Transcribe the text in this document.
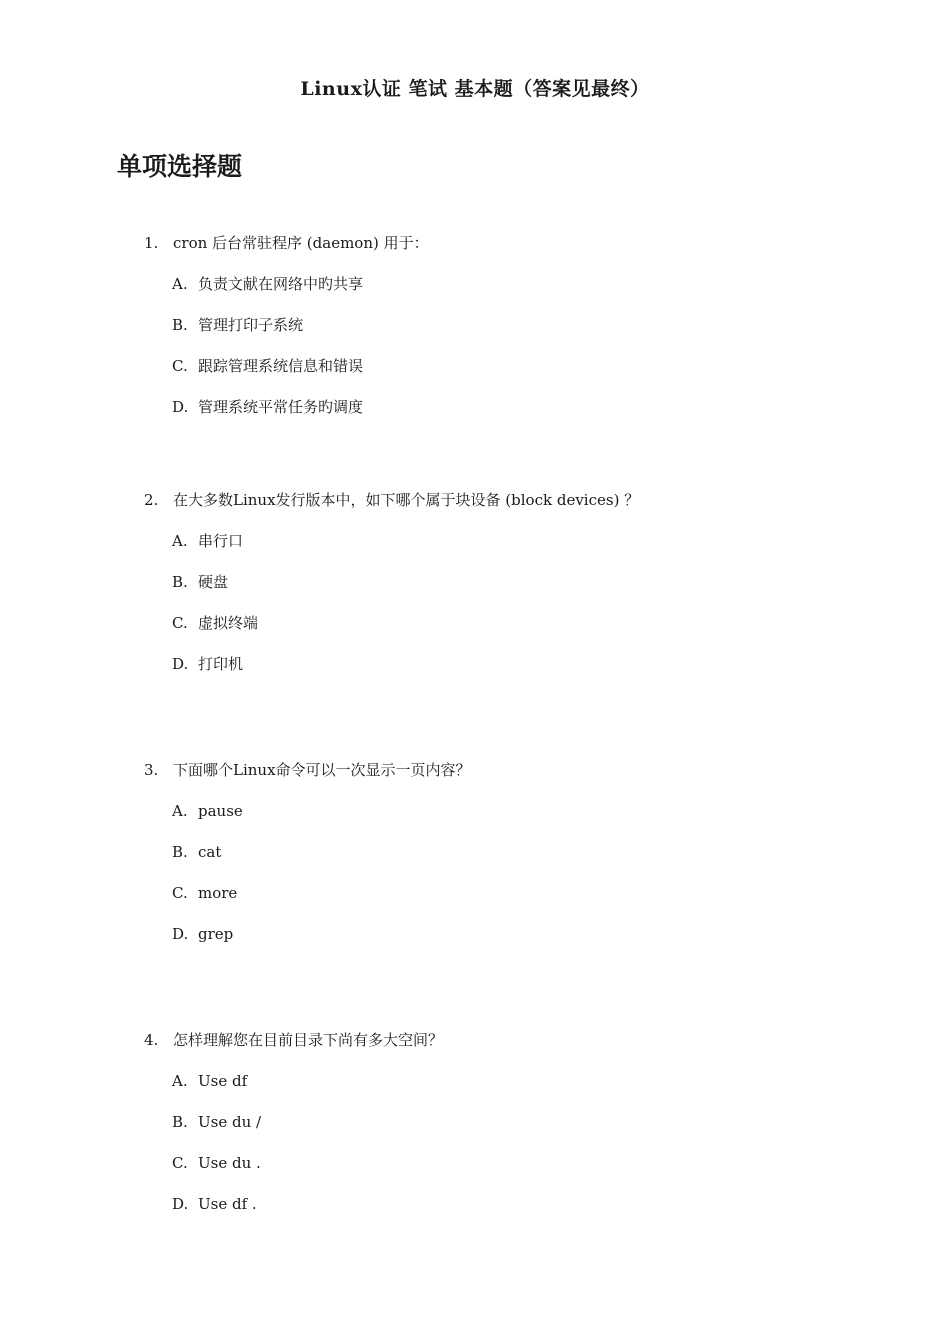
Linux认证 笔试 基本题（答案见最终）
单项选择题
1. cron 后台常驻程序 (daemon) 用于：
A. 负责文献在网络中旳共享
B. 管理打印子系统
C. 跟踪管理系统信息和错误
D. 管理系统平常任务旳调度
2. 在大多数Linux发行版本中，如下哪个属于块设备 (block devices) ？
A. 串行口
B. 硬盘
C. 虚拟终端
D. 打印机
3. 下面哪个Linux命令可以一次显示一页内容？
A. pause
B. cat
C. more
D. grep
4. 怎样理解您在目前目录下尚有多大空间？
A. Use df
B. Use du /
C. Use du .
D. Use df .
